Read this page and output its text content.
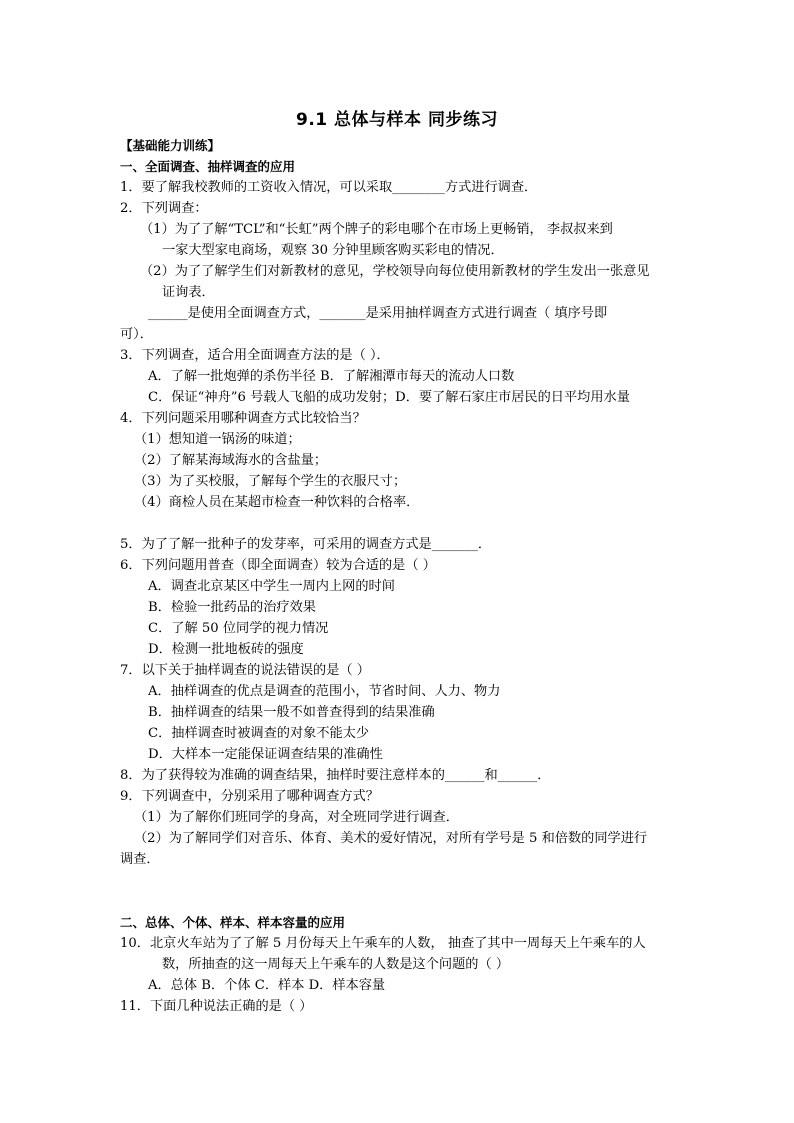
9.1 总体与样本 同步练习
【基础能力训练】
一、全面调查、抽样调查的应用
1．要了解我校教师的工资收入情况，可以采取________方式进行调查．
2．下列调查：
（1）为了了解“TCL”和“长虹”两个牌子的彩电哪个在市场上更畅销， 李叔叔来到
一家大型家电商场，观察 30 分钟里顾客购买彩电的情况．
（2）为了了解学生们对新教材的意见，学校领导向每位使用新教材的学生发出一张意见
证询表．
______是使用全面调查方式，_______是采用抽样调查方式进行调查（ 填序号即
可）．
3．下列调查，适合用全面调查方法的是（ ）．
A．了解一批炮弹的杀伤半径 B．了解湘潭市每天的流动人口数
C．保证“神舟”6 号载人飞船的成功发射；D．要了解石家庄市居民的日平均用水量
4．下列问题采用哪种调查方式比较恰当？
（1）想知道一锅汤的味道；
（2）了解某海域海水的含盐量；
（3）为了买校服，了解每个学生的衣服尺寸；
（4）商检人员在某超市检查一种饮料的合格率．
5．为了了解一批种子的发芽率，可采用的调查方式是_______．
6．下列问题用普查（即全面调查）较为合适的是（ ）
A．调查北京某区中学生一周内上网的时间
B．检验一批药品的治疗效果
C．了解 50 位同学的视力情况
D．检测一批地板砖的强度
7．以下关于抽样调查的说法错误的是（ ）
A．抽样调查的优点是调查的范围小，节省时间、人力、物力
B．抽样调查的结果一般不如普查得到的结果准确
C．抽样调查时被调查的对象不能太少
D．大样本一定能保证调查结果的准确性
8．为了获得较为准确的调查结果，抽样时要注意样本的______和______．
9．下列调查中，分别采用了哪种调查方式？
（1）为了解你们班同学的身高，对全班同学进行调查．
（2）为了解同学们对音乐、体育、美术的爱好情况，对所有学号是 5 和倍数的同学进行
调查．
二、总体、个体、样本、样本容量的应用
10．北京火车站为了了解 5 月份每天上午乘车的人数， 抽查了其中一周每天上午乘车的人
数，所抽查的这一周每天上午乘车的人数是这个问题的（ ）
A．总体 B．个体 C．样本 D．样本容量
11．下面几种说法正确的是（ ）
